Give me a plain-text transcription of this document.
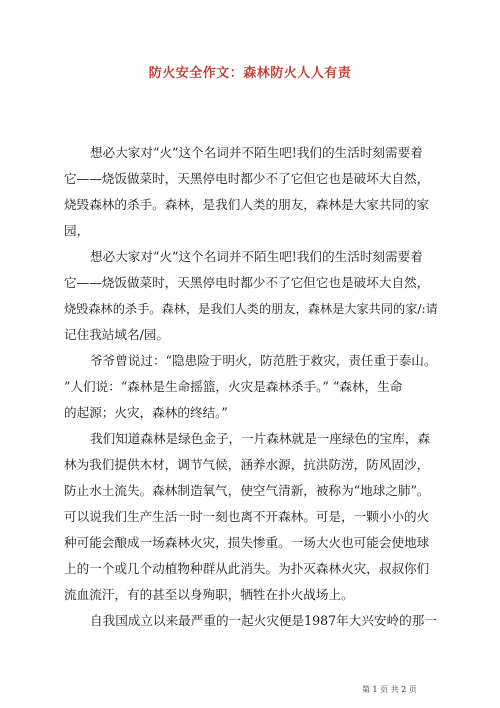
防火安全作文：森林防火人人有责
想必大家对“火”这个名词并不陌生吧!我们的生活时刻需要着
它——烧饭做菜时，天黑停电时都少不了它但它也是破坏大自然，
烧毁森林的杀手。森林，是我们人类的朋友，森林是大家共同的家
园，
想必大家对“火”这个名词并不陌生吧!我们的生活时刻需要着
它——烧饭做菜时，天黑停电时都少不了它但它也是破坏大自然，
烧毁森林的杀手。森林，是我们人类的朋友，森林是大家共同的家/:请
记住我站域名/园。
爷爷曾说过：“隐患险于明火，防范胜于救灾，责任重于泰山。
”人们说：“森林是生命摇篮，火灾是森林杀手。” “森林，生命
的起源；火灾，森林的终结。”
我们知道森林是绿色金子，一片森林就是一座绿色的宝库，森
林为我们提供木材，调节气候，涵养水源，抗洪防涝，防风固沙，
防止水土流失。森林制造氧气，使空气清新，被称为“地球之肺”。
可以说我们生产生活一时一刻也离不开森林。可是，一颗小小的火
种可能会酿成一场森林火灾，损失惨重。一场大火也可能会使地球
上的一个或几个动植物种群从此消失。为扑灭森林火灾，叔叔你们
流血流汗，有的甚至以身殉职，牺牲在扑火战场上。
自我国成立以来最严重的一起火灾便是1987年大兴安岭的那一
第 1 页 共 2 页
